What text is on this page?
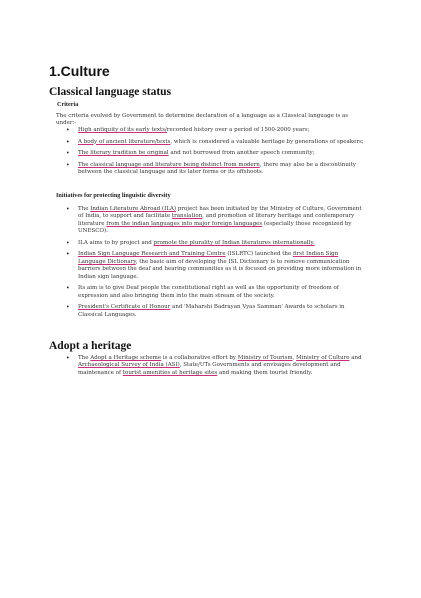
1.Culture
Classical language status
Criteria
The criteria evolved by Government to determine declaration of a language as a Classical language is as under:-
• High antiquity of its early texts/recorded history over a period of 1500-2000 years;
• A body of ancient literature/texts, which is considered a valuable heritage by generations of speakers;
• The literary tradition be original and not borrowed from another speech community;
• The classical language and literature being distinct from modern, there may also be a discontinuity between the classical language and its later forms or its offshoots.
Initiatives for protecting linguistic diversity
• The Indian Literature Abroad (ILA) project has been initiated by the Ministry of Culture, Government of India, to support and facilitate translation, and promotion of literary heritage and contemporary literature from the indian languages into major foreign languages (especially those recognized by UNESCO).
• ILA aims to by project and promote the plurality of Indian literatures internationally.
• Indian Sign Language Research and Training Centre (ISLRTC) launched the first Indian Sign Language Dictionary, the basic aim of developing the ISL Dictionary is to remove communication barriers between the deaf and hearing communities as it is focused on providing more information in Indian sign language.
• Its aim is to give Deaf people the constitutional right as well as the opportunity of freedom of expression and also bringing them into the main stream of the society.
• President's Certificate of Honour and 'Maharshi Badrayan Vyas Samman' Awards to scholars in Classical Languages.
Adopt a heritage
• The Adopt a Heritage scheme is a collaborative effort by Ministry of Tourism, Ministry of Culture and Archaeological Survey of India (ASI), State/UTs Governments and envisages development and maintenance of tourist amenities at heritage sites and making them tourist friendly.
